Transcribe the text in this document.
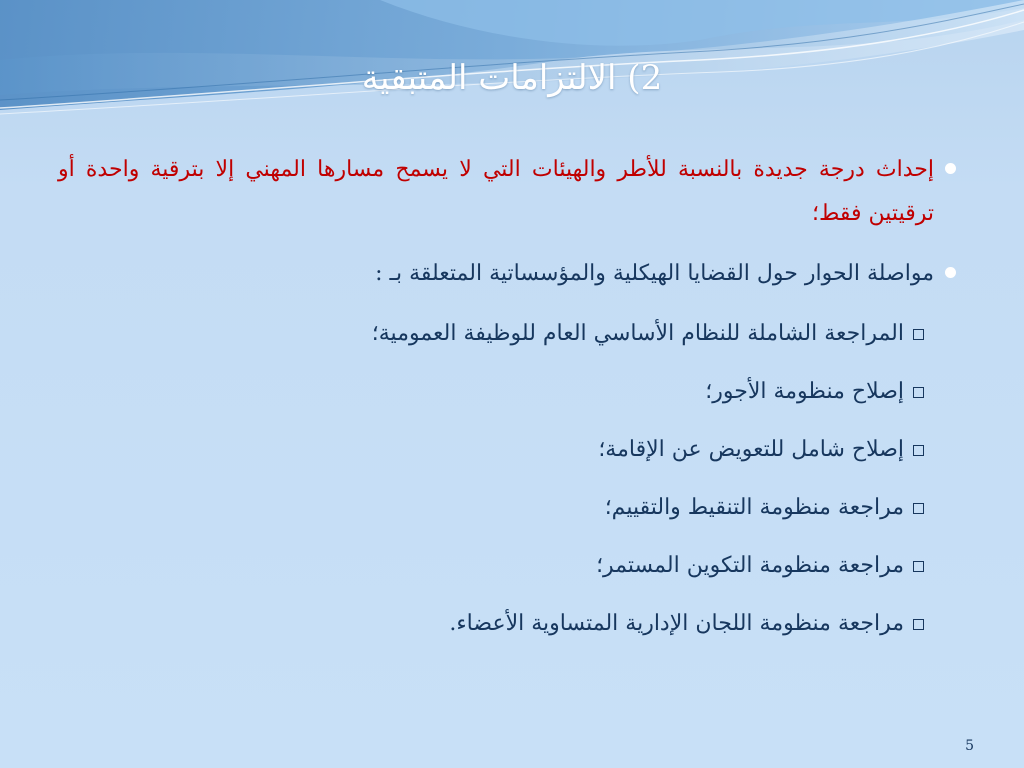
2) الالتزامات المتبقية

إحداث درجة جديدة بالنسبة للأطر والهيئات التي لا يسمح مسارها المهني إلا بترقية واحدة أو ترقيتين فقط؛

مواصلة الحوار حول القضايا الهيكلية والمؤسساتية المتعلقة بـ :

المراجعة الشاملة للنظام الأساسي العام للوظيفة العمومية؛

إصلاح منظومة الأجور؛

إصلاح شامل للتعويض عن الإقامة؛

مراجعة منظومة التنقيط والتقييم؛

مراجعة منظومة التكوين المستمر؛

مراجعة منظومة اللجان الإدارية المتساوية الأعضاء.

5
